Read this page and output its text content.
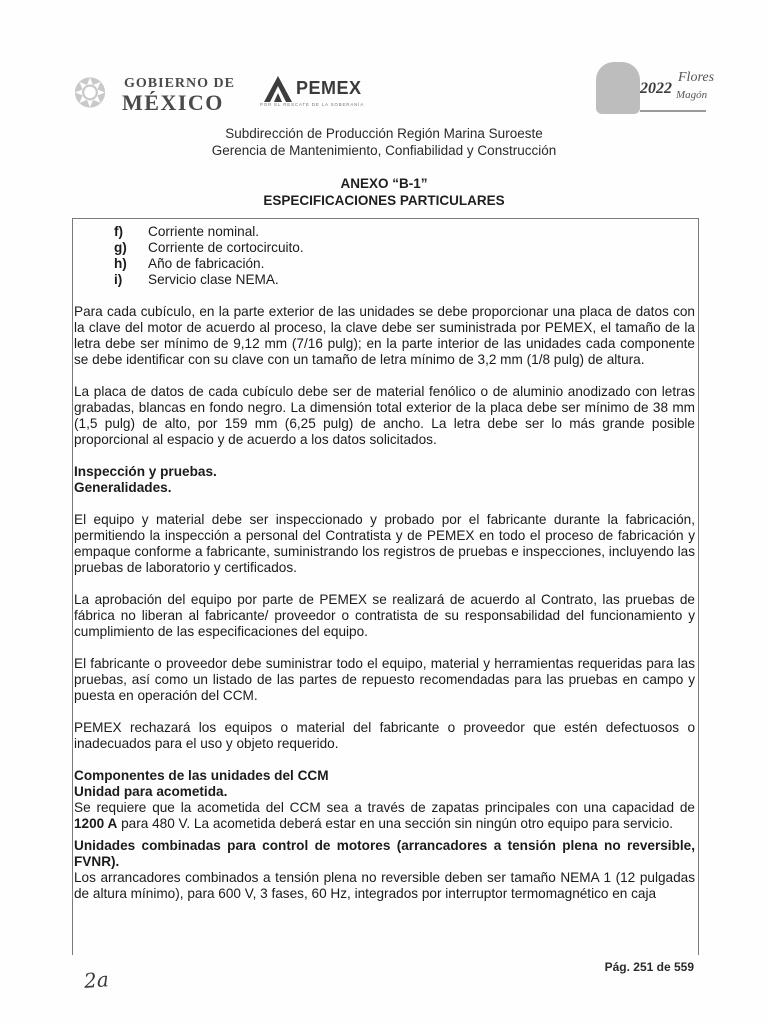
❂	GOBIERNO DE
MÉXICO
PEMEX
POR EL RESCATE DE LA SOBERANÍA
2022
Flores
Magón
Subdirección de Producción Región Marina Suroeste
Gerencia de Mantenimiento, Confiabilidad y Construcción
ANEXO “B-1”
ESPECIFICACIONES PARTICULARES
f)	Corriente nominal.
g)	Corriente de cortocircuito.
h)	Año de fabricación.
i)	Servicio clase NEMA.

Para cada cubículo, en la parte exterior de las unidades se debe proporcionar una placa de datos con la clave del motor de acuerdo al proceso, la clave debe ser suministrada por PEMEX, el tamaño de la letra debe ser mínimo de 9,12 mm (7/16 pulg); en la parte interior de las unidades cada componente se debe identificar con su clave con un tamaño de letra mínimo de 3,2 mm (1/8 pulg) de altura.

La placa de datos de cada cubículo debe ser de material fenólico o de aluminio anodizado con letras grabadas, blancas en fondo negro. La dimensión total exterior de la placa debe ser mínimo de 38 mm (1,5 pulg) de alto, por 159 mm (6,25 pulg) de ancho. La letra debe ser lo más grande posible proporcional al espacio y de acuerdo a los datos solicitados.

Inspección y pruebas.

Generalidades.

El equipo y material debe ser inspeccionado y probado por el fabricante durante la fabricación, permitiendo la inspección a personal del Contratista y de PEMEX en todo el proceso de fabricación y empaque conforme a fabricante, suministrando los registros de pruebas e inspecciones, incluyendo las pruebas de laboratorio y certificados.

La aprobación del equipo por parte de PEMEX se realizará de acuerdo al Contrato, las pruebas de fábrica no liberan al fabricante/ proveedor o contratista de su responsabilidad del funcionamiento y cumplimiento de las especificaciones del equipo.

El fabricante o proveedor debe suministrar todo el equipo, material y herramientas requeridas para las pruebas, así como un listado de las partes de repuesto recomendadas para las pruebas en campo y puesta en operación del CCM.

PEMEX rechazará los equipos o material del fabricante o proveedor que estén defectuosos o inadecuados para el uso y objeto requerido.

Componentes de las unidades del CCM

Unidad para acometida.

Se requiere que la acometida del CCM sea a través de zapatas principales con una capacidad de 1200 A para 480 V. La acometida deberá estar en una sección sin ningún otro equipo para servicio.

Unidades combinadas para control de motores (arrancadores a tensión plena no reversible, FVNR).

Los arrancadores combinados a tensión plena no reversible deben ser tamaño NEMA 1 (12 pulgadas de altura mínimo), para 600 V, 3 fases, 60 Hz, integrados por interruptor termomagnético en caja

2a
Pág. 251 de 559
